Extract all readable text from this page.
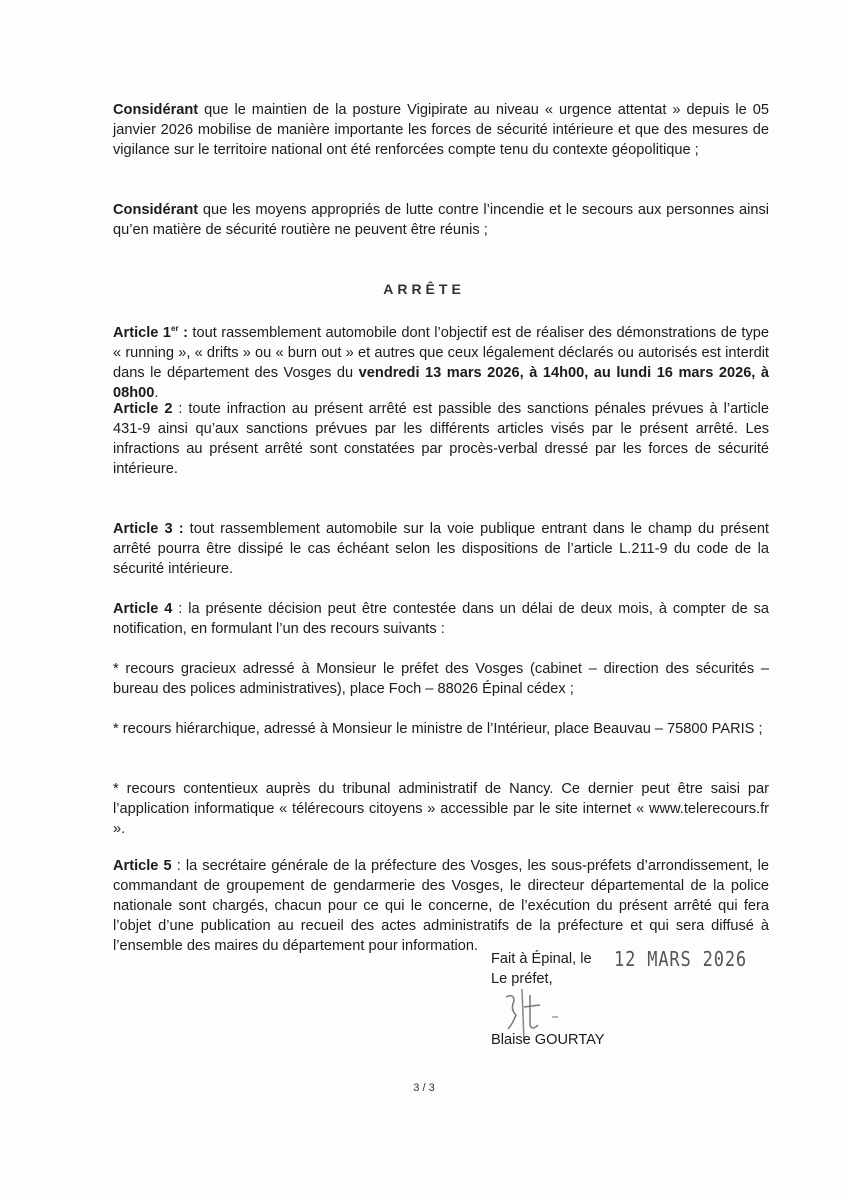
Considérant que le maintien de la posture Vigipirate au niveau « urgence attentat » depuis le 05 janvier 2026 mobilise de manière importante les forces de sécurité intérieure et que des mesures de vigilance sur le territoire national ont été renforcées compte tenu du contexte géopolitique ;
Considérant que les moyens appropriés de lutte contre l’incendie et le secours aux personnes ainsi qu’en matière de sécurité routière ne peuvent être réunis ;
ARRÊTE
Article 1er : tout rassemblement automobile dont l’objectif est de réaliser des démonstrations de type « running », « drifts » ou « burn out » et autres que ceux légalement déclarés ou autorisés est interdit dans le département des Vosges du vendredi 13 mars 2026, à 14h00, au lundi 16 mars 2026, à 08h00.
Article 2 : toute infraction au présent arrêté est passible des sanctions pénales prévues à l’article 431-9 ainsi qu’aux sanctions prévues par les différents articles visés par le présent arrêté. Les infractions au présent arrêté sont constatées par procès-verbal dressé par les forces de sécurité intérieure.
Article 3 : tout rassemblement automobile sur la voie publique entrant dans le champ du présent arrêté pourra être dissipé le cas échéant selon les dispositions de l’article L.211-9 du code de la sécurité intérieure.
Article 4 : la présente décision peut être contestée dans un délai de deux mois, à compter de sa notification, en formulant l’un des recours suivants :
* recours gracieux adressé à Monsieur le préfet des Vosges (cabinet – direction des sécurités – bureau des polices administratives), place Foch – 88026 Épinal cédex ;
* recours hiérarchique, adressé à Monsieur le ministre de l’Intérieur, place Beauvau – 75800 PARIS ;
* recours contentieux auprès du tribunal administratif de Nancy. Ce dernier peut être saisi par l’application informatique « télérecours citoyens » accessible par le site internet « www.telerecours.fr ».
Article 5 : la secrétaire générale de la préfecture des Vosges, les sous-préfets d’arrondissement, le commandant de groupement de gendarmerie des Vosges, le directeur départemental de la police nationale sont chargés, chacun pour ce qui le concerne, de l’exécution du présent arrêté qui fera l’objet d’une publication au recueil des actes administratifs de la préfecture et qui sera diffusé à l’ensemble des maires du département pour information.
Fait à Épinal, le 12 MARS 2026
Le préfet,
Blaise GOURTAY
3 / 3
